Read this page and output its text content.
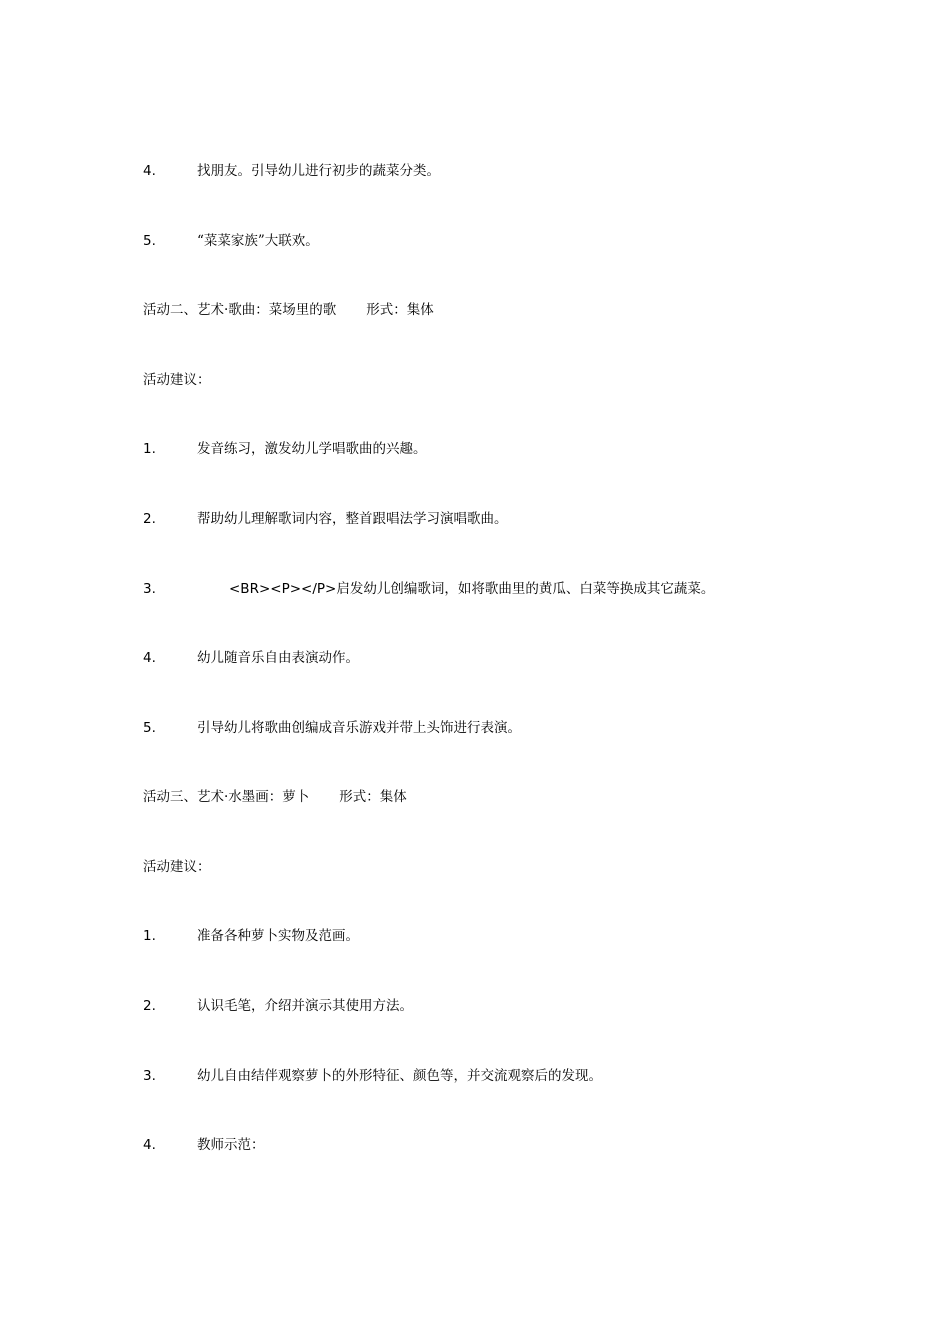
4.	找朋友。引导幼儿进行初步的蔬菜分类。
5.	“菜菜家族”大联欢。
活动二、艺术·歌曲：菜场里的歌 形式：集体
活动建议：
1.	发音练习，激发幼儿学唱歌曲的兴趣。
2.	帮助幼儿理解歌词内容，整首跟唱法学习演唱歌曲。
3.	<BR><P></P>启发幼儿创编歌词，如将歌曲里的黄瓜、白菜等换成其它蔬菜。
4.	幼儿随音乐自由表演动作。
5.	引导幼儿将歌曲创编成音乐游戏并带上头饰进行表演。
活动三、艺术·水墨画：萝卜 形式：集体
活动建议：
1.	准备各种萝卜实物及范画。
2.	认识毛笔，介绍并演示其使用方法。
3.	幼儿自由结伴观察萝卜的外形特征、颜色等，并交流观察后的发现。
4.	教师示范：
